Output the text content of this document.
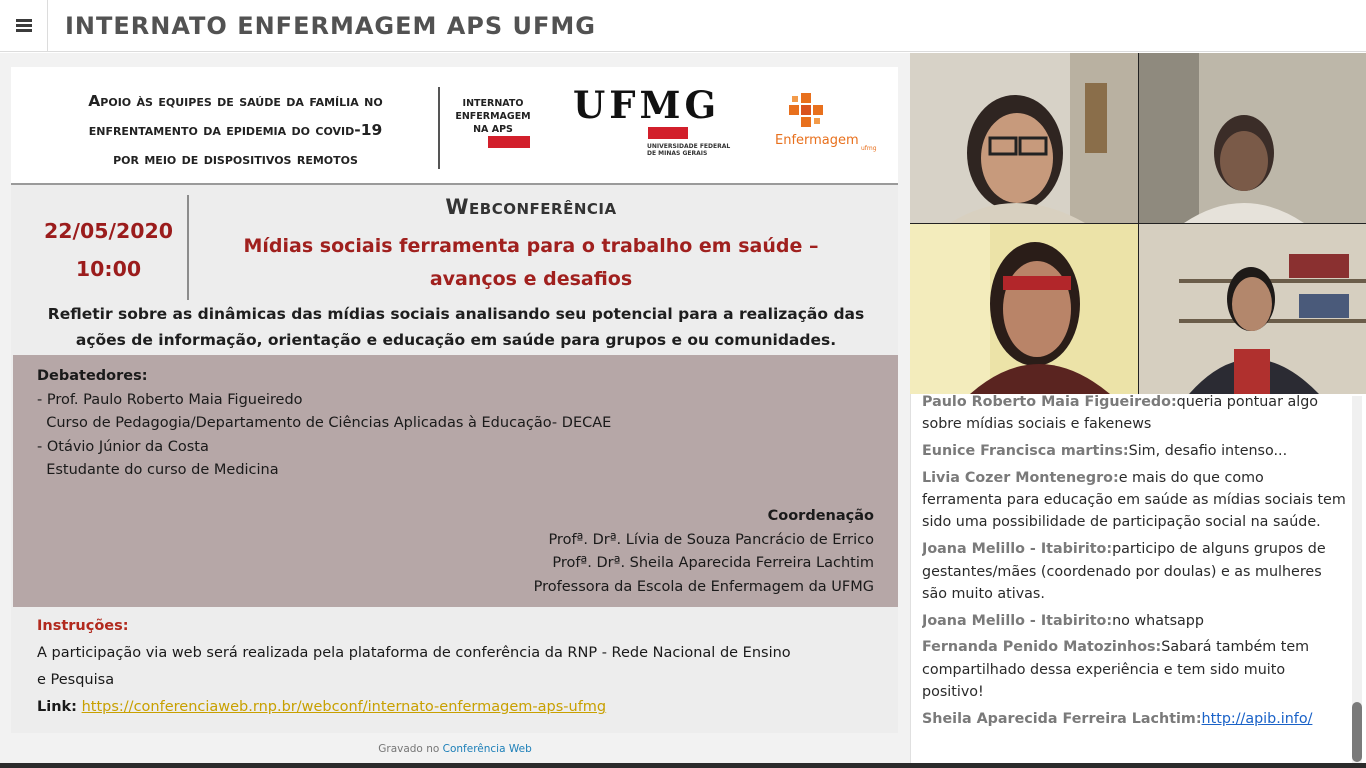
INTERNATO ENFERMAGEM APS UFMG
Apoio às equipes de saúde da família no
enfrentamento da epidemia do covid-19
por meio de dispositivos remotos
INTERNATO
ENFERMAGEM
NA APS
UFMG
UNIVERSIDADE FEDERAL
DE MINAS GERAIS
Enfermagem
ufmg
22/05/2020
10:00
Webconferência
Mídias sociais ferramenta para o trabalho em saúde –
avanços e desafios
Refletir sobre as dinâmicas das mídias sociais analisando seu potencial para a realização das
ações de informação, orientação e educação em saúde para grupos e ou comunidades.
Debatedores:
- Prof. Paulo Roberto Maia Figueiredo
Curso de Pedagogia/Departamento de Ciências Aplicadas à Educação- DECAE
- Otávio Júnior da Costa
Estudante do curso de Medicina
Coordenação
Profª. Drª. Lívia de Souza Pancrácio de Errico
Profª. Drª. Sheila Aparecida Ferreira Lachtim
Professora da Escola de Enfermagem da UFMG
Instruções:
A participação via web será realizada pela plataforma de conferência da RNP - Rede Nacional de Ensino
e Pesquisa
Link: https://conferenciaweb.rnp.br/webconf/internato-enfermagem-aps-ufmg
Gravado no Conferência Web
Paulo Roberto Maia Figueiredo:queria pontuar algo sobre mídias sociais e fakenews
Eunice Francisca martins:Sim, desafio intenso...
Livia Cozer Montenegro:e mais do que como ferramenta para educação em saúde as mídias sociais tem sido uma possibilidade de participação social na saúde.
Joana Melillo - Itabirito:participo de alguns grupos de gestantes/mães (coordenado por doulas) e as mulheres são muito ativas.
Joana Melillo - Itabirito:no whatsapp
Fernanda Penido Matozinhos:Sabará também tem compartilhado dessa experiência e tem sido muito positivo!
Sheila Aparecida Ferreira Lachtim:http://apib.info/
